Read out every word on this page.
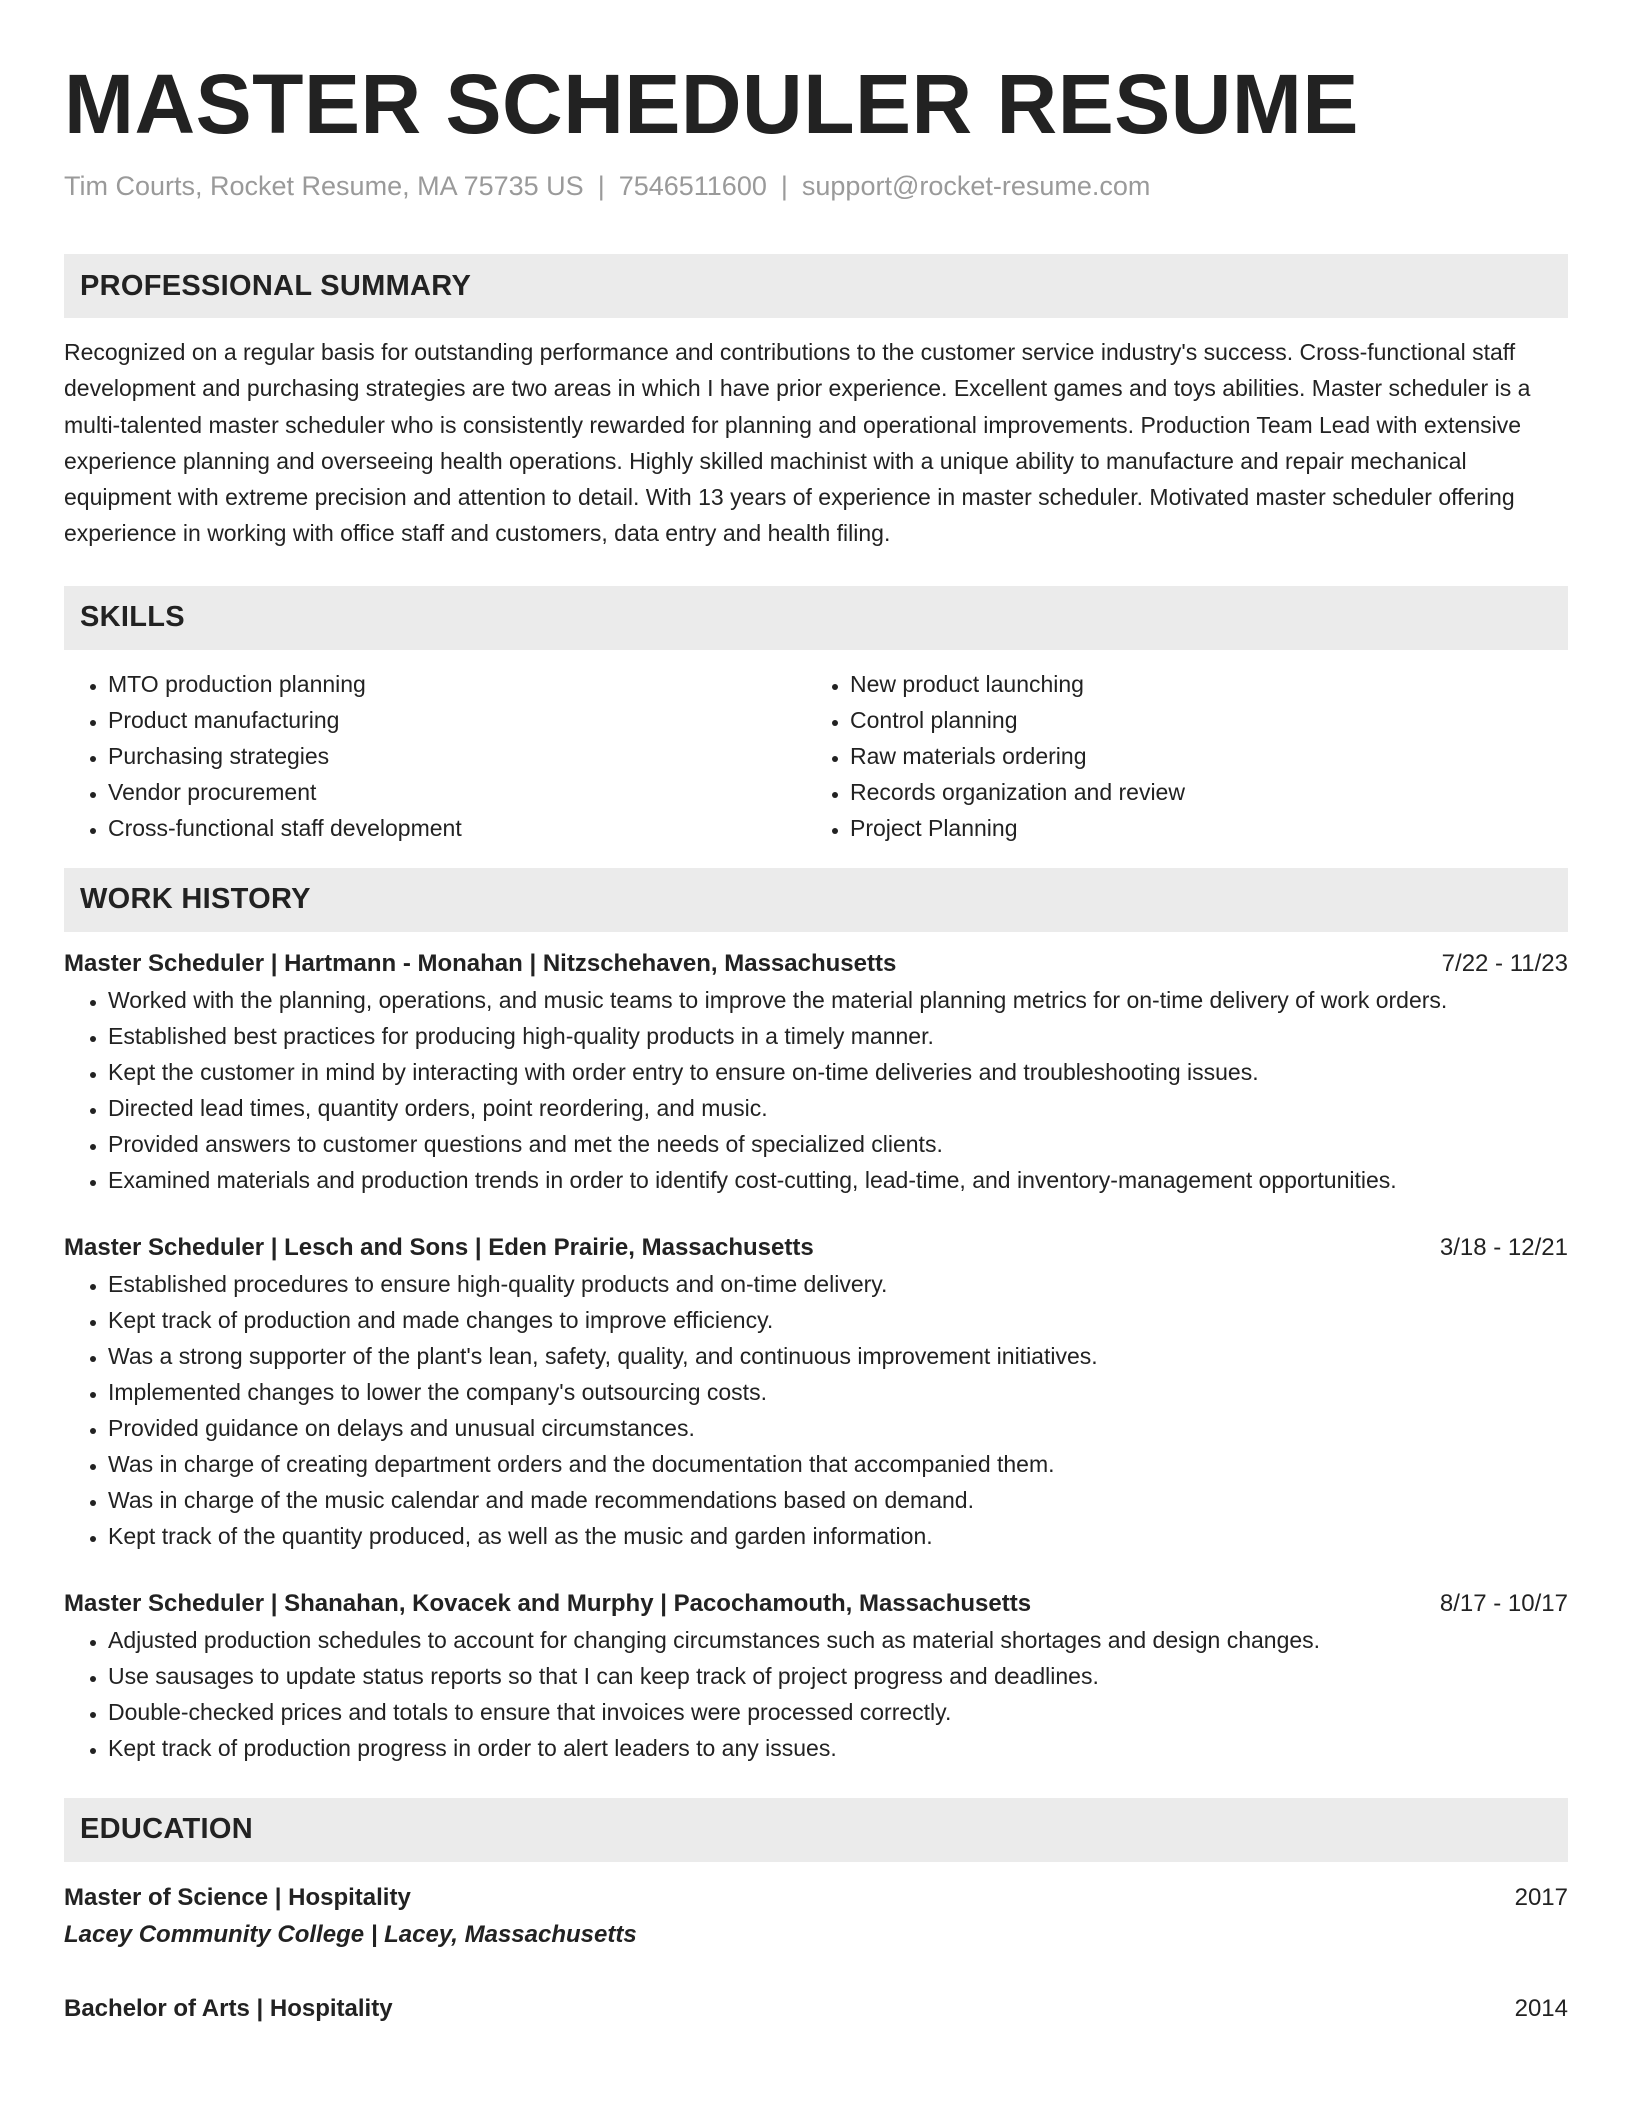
MASTER SCHEDULER RESUME
Tim Courts, Rocket Resume, MA 75735 US | 7546511600 | support@rocket-resume.com
PROFESSIONAL SUMMARY
Recognized on a regular basis for outstanding performance and contributions to the customer service industry's success. Cross-functional staff development and purchasing strategies are two areas in which I have prior experience. Excellent games and toys abilities. Master scheduler is a multi-talented master scheduler who is consistently rewarded for planning and operational improvements. Production Team Lead with extensive experience planning and overseeing health operations. Highly skilled machinist with a unique ability to manufacture and repair mechanical equipment with extreme precision and attention to detail. With 13 years of experience in master scheduler. Motivated master scheduler offering experience in working with office staff and customers, data entry and health filing.
SKILLS
• MTO production planning
• Product manufacturing
• Purchasing strategies
• Vendor procurement
• Cross-functional staff development
• New product launching
• Control planning
• Raw materials ordering
• Records organization and review
• Project Planning
WORK HISTORY
Master Scheduler | Hartmann - Monahan | Nitzschehaven, Massachusetts	7/22 - 11/23
• Worked with the planning, operations, and music teams to improve the material planning metrics for on-time delivery of work orders.
• Established best practices for producing high-quality products in a timely manner.
• Kept the customer in mind by interacting with order entry to ensure on-time deliveries and troubleshooting issues.
• Directed lead times, quantity orders, point reordering, and music.
• Provided answers to customer questions and met the needs of specialized clients.
• Examined materials and production trends in order to identify cost-cutting, lead-time, and inventory-management opportunities.
Master Scheduler | Lesch and Sons | Eden Prairie, Massachusetts	3/18 - 12/21
• Established procedures to ensure high-quality products and on-time delivery.
• Kept track of production and made changes to improve efficiency.
• Was a strong supporter of the plant's lean, safety, quality, and continuous improvement initiatives.
• Implemented changes to lower the company's outsourcing costs.
• Provided guidance on delays and unusual circumstances.
• Was in charge of creating department orders and the documentation that accompanied them.
• Was in charge of the music calendar and made recommendations based on demand.
• Kept track of the quantity produced, as well as the music and garden information.
Master Scheduler | Shanahan, Kovacek and Murphy | Pacochamouth, Massachusetts	8/17 - 10/17
• Adjusted production schedules to account for changing circumstances such as material shortages and design changes.
• Use sausages to update status reports so that I can keep track of project progress and deadlines.
• Double-checked prices and totals to ensure that invoices were processed correctly.
• Kept track of production progress in order to alert leaders to any issues.
EDUCATION
Master of Science | Hospitality	2017
Lacey Community College | Lacey, Massachusetts
Bachelor of Arts | Hospitality	2014
